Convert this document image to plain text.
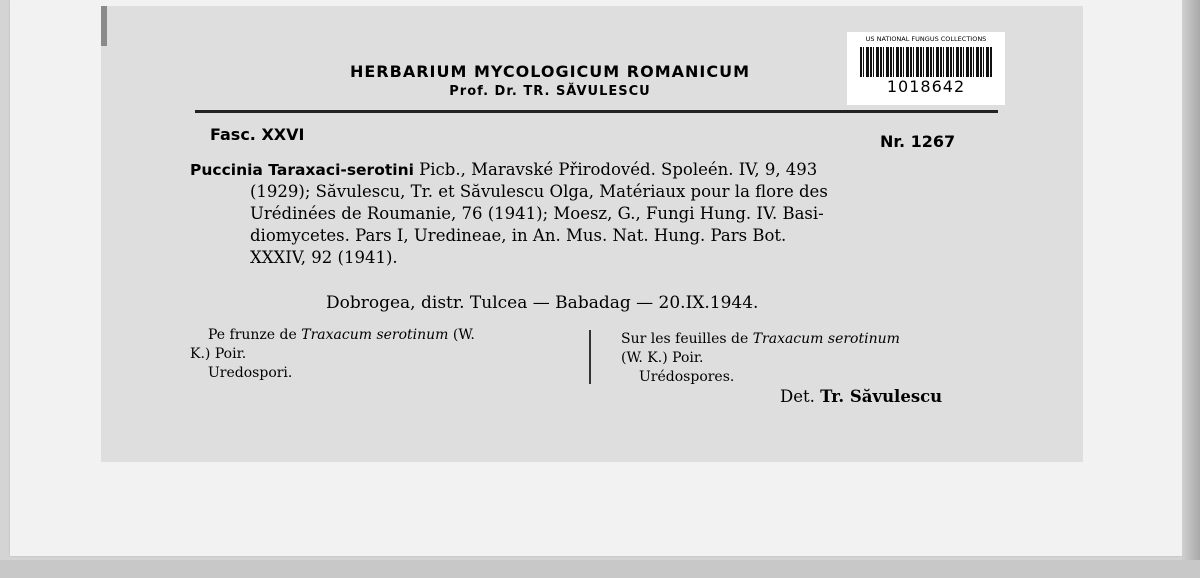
US NATIONAL FUNGUS COLLECTIONS
1018642
HERBARIUM MYCOLOGICUM ROMANICUM
Prof. Dr. TR. SĂVULESCU
Fasc. XXVI	Nr. 1267
Puccinia Taraxaci-serotini Picb., Maravské Přirodovéd. Spoleén. IV, 9, 493
(1929); Săvulescu, Tr. et Săvulescu Olga, Matériaux pour la flore des
Urédinées de Roumanie, 76 (1941); Moesz, G., Fungi Hung. IV. Basi-
diomycetes. Pars I, Uredineae, in An. Mus. Nat. Hung. Pars Bot.
XXXIV, 92 (1941).
Dobrogea, distr. Tulcea — Babadag — 20.IX.1944.
Pe frunze de Traxacum serotinum (W.
K.) Poir.
Uredospori.
Sur les feuilles de Traxacum serotinum
(W. K.) Poir.
Urédospores.
Det. Tr. Săvulescu
